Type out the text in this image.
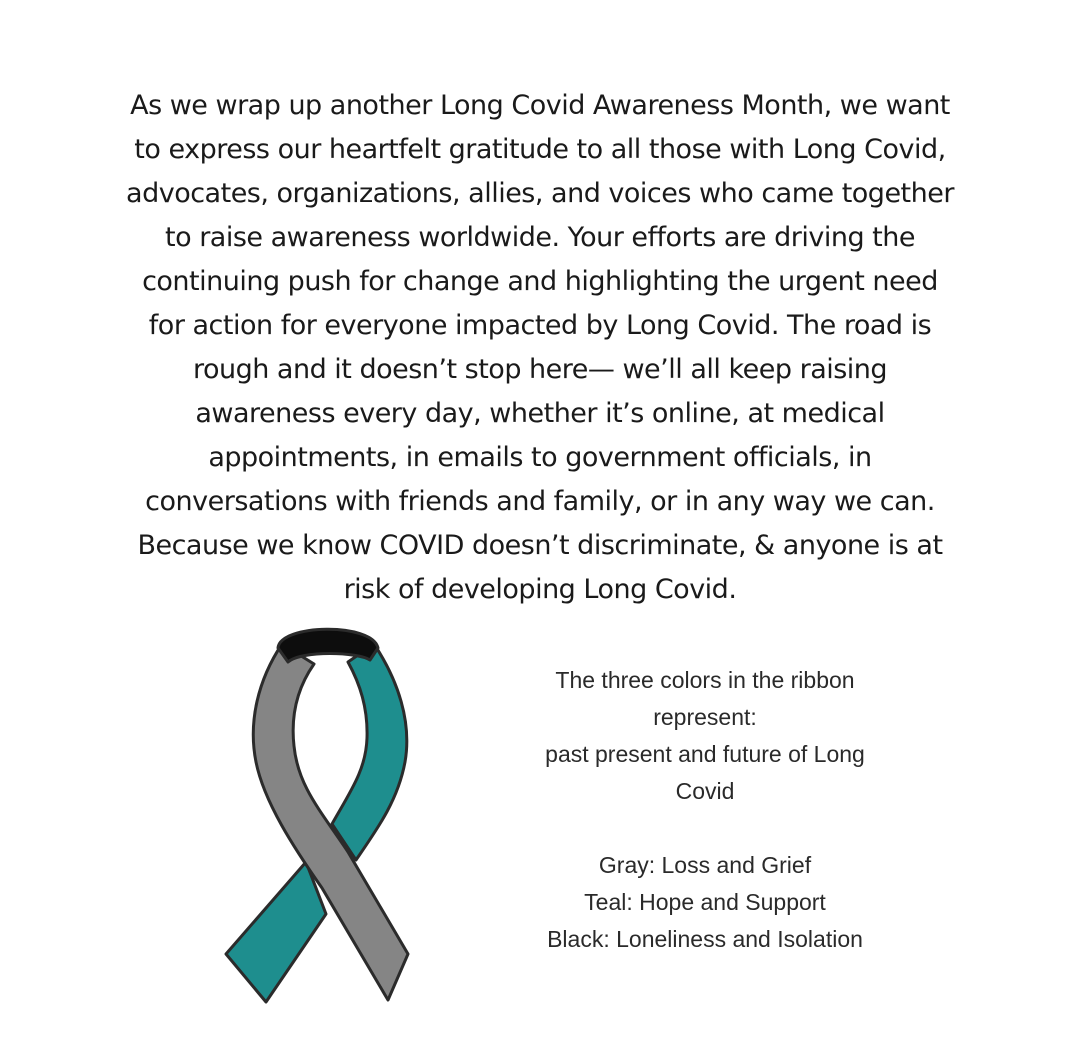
As we wrap up another Long Covid Awareness Month, we want
to express our heartfelt gratitude to all those with Long Covid,
advocates, organizations, allies, and voices who came together
to raise awareness worldwide. Your efforts are driving the
continuing push for change and highlighting the urgent need
for action for everyone impacted by Long Covid. The road is
rough and it doesn’t stop here— we’ll all keep raising
awareness every day, whether it’s online, at medical
appointments, in emails to government officials, in
conversations with friends and family, or in any way we can.
Because we know COVID doesn’t discriminate, & anyone is at
risk of developing Long Covid.

The three colors in the ribbon
represent:
past present and future of Long
Covid

Gray: Loss and Grief
Teal: Hope and Support
Black: Loneliness and Isolation
